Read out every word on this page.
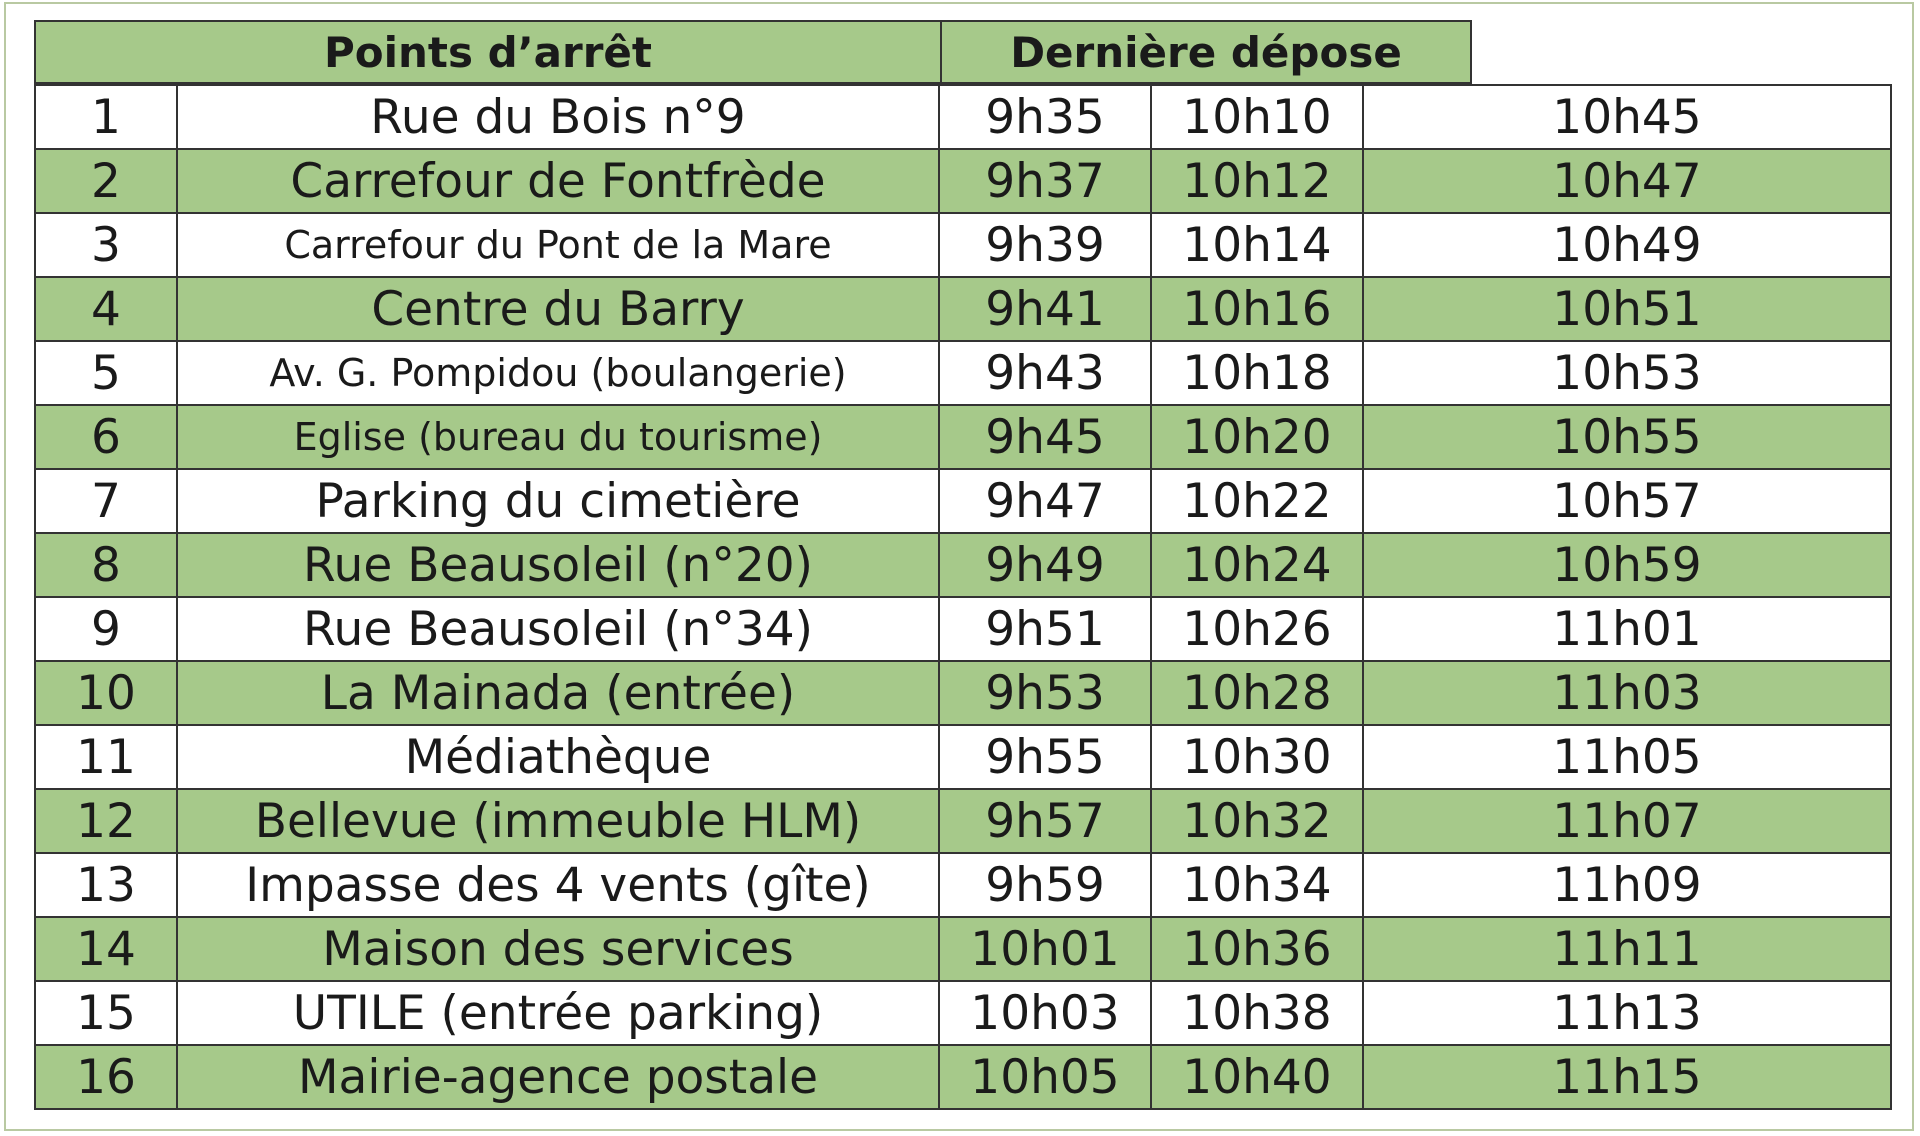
Points d’arrêt	Dernière dépose
1	Rue du Bois n°9	9h35	10h10	10h45
2	Carrefour de Fontfrède	9h37	10h12	10h47
3	Carrefour du Pont de la Mare	9h39	10h14	10h49
4	Centre du Barry	9h41	10h16	10h51
5	Av. G. Pompidou (boulangerie)	9h43	10h18	10h53
6	Eglise (bureau du tourisme)	9h45	10h20	10h55
7	Parking du cimetière	9h47	10h22	10h57
8	Rue Beausoleil (n°20)	9h49	10h24	10h59
9	Rue Beausoleil (n°34)	9h51	10h26	11h01
10	La Mainada (entrée)	9h53	10h28	11h03
11	Médiathèque	9h55	10h30	11h05
12	Bellevue (immeuble HLM)	9h57	10h32	11h07
13	Impasse des 4 vents (gîte)	9h59	10h34	11h09
14	Maison des services	10h01	10h36	11h11
15	UTILE (entrée parking)	10h03	10h38	11h13
16	Mairie-agence postale	10h05	10h40	11h15
